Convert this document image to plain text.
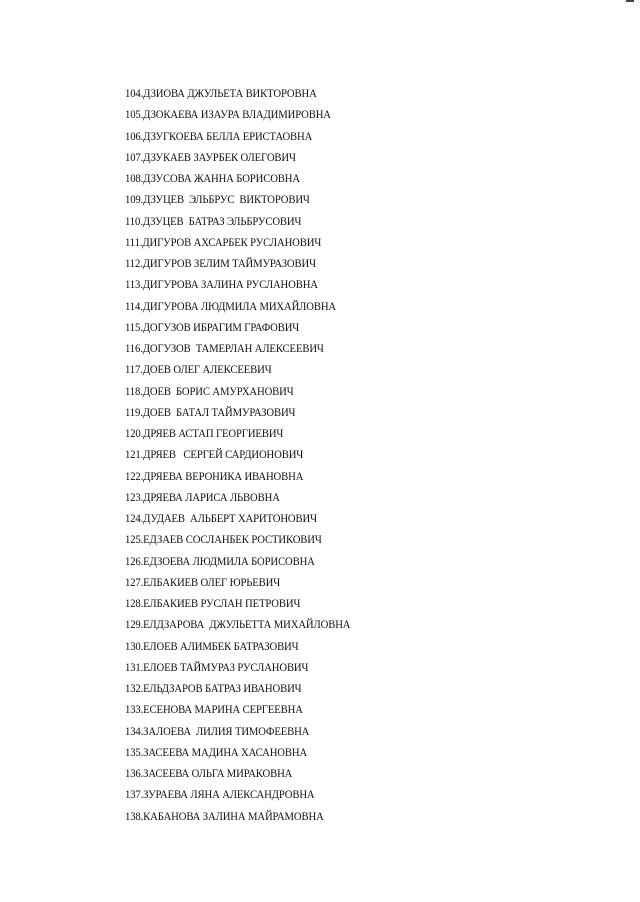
104.ДЗИОВА ДЖУЛЬЕТА ВИКТОРОВНА
105.ДЗОКАЕВА ИЗАУРА ВЛАДИМИРОВНА
106.ДЗУГКОЕВА БЕЛЛА ЕРИСТАОВНА
107.ДЗУКАЕВ ЗАУРБЕК ОЛЕГОВИЧ
108.ДЗУСОВА ЖАННА БОРИСОВНА
109.ДЗУЦЕВ  ЭЛЬБРУС  ВИКТОРОВИЧ
110.ДЗУЦЕВ  БАТРАЗ ЭЛЬБРУСОВИЧ
111.ДИГУРОВ АХСАРБЕК РУСЛАНОВИЧ
112.ДИГУРОВ ЗЕЛИМ ТАЙМУРАЗОВИЧ
113.ДИГУРОВА ЗАЛИНА РУСЛАНОВНА
114.ДИГУРОВА ЛЮДМИЛА МИХАЙЛОВНА
115.ДОГУЗОВ ИБРАГИМ ГРАФОВИЧ
116.ДОГУЗОВ  ТАМЕРЛАН АЛЕКСЕЕВИЧ
117.ДОЕВ ОЛЕГ АЛЕКСЕЕВИЧ
118.ДОЕВ  БОРИС АМУРХАНОВИЧ
119.ДОЕВ  БАТАЛ ТАЙМУРАЗОВИЧ
120.ДРЯЕВ АСТАП ГЕОРГИЕВИЧ
121.ДРЯЕВ   СЕРГЕЙ САРДИОНОВИЧ
122.ДРЯЕВА ВЕРОНИКА ИВАНОВНА
123.ДРЯЕВА ЛАРИСА ЛЬВОВНА
124.ДУДАЕВ  АЛЬБЕРТ ХАРИТОНОВИЧ
125.ЕДЗАЕВ СОСЛАНБЕК РОСТИКОВИЧ
126.ЕДЗОЕВА ЛЮДМИЛА БОРИСОВНА
127.ЕЛБАКИЕВ ОЛЕГ ЮРЬЕВИЧ
128.ЕЛБАКИЕВ РУСЛАН ПЕТРОВИЧ
129.ЕЛДЗАРОВА  ДЖУЛЬЕТТА МИХАЙЛОВНА
130.ЕЛОЕВ АЛИМБЕК БАТРАЗОВИЧ
131.ЕЛОЕВ ТАЙМУРАЗ РУСЛАНОВИЧ
132.ЕЛЬДЗАРОВ БАТРАЗ ИВАНОВИЧ
133.ЕСЕНОВА МАРИНА СЕРГЕЕВНА
134.ЗАЛОЕВА  ЛИЛИЯ ТИМОФЕЕВНА
135.ЗАСЕЕВА МАДИНА ХАСАНОВНА
136.ЗАСЕЕВА ОЛЬГА МИРАКОВНА
137.ЗУРАЕВА ЛЯНА АЛЕКСАНДРОВНА
138.КАБАНОВА ЗАЛИНА МАЙРАМОВНА
